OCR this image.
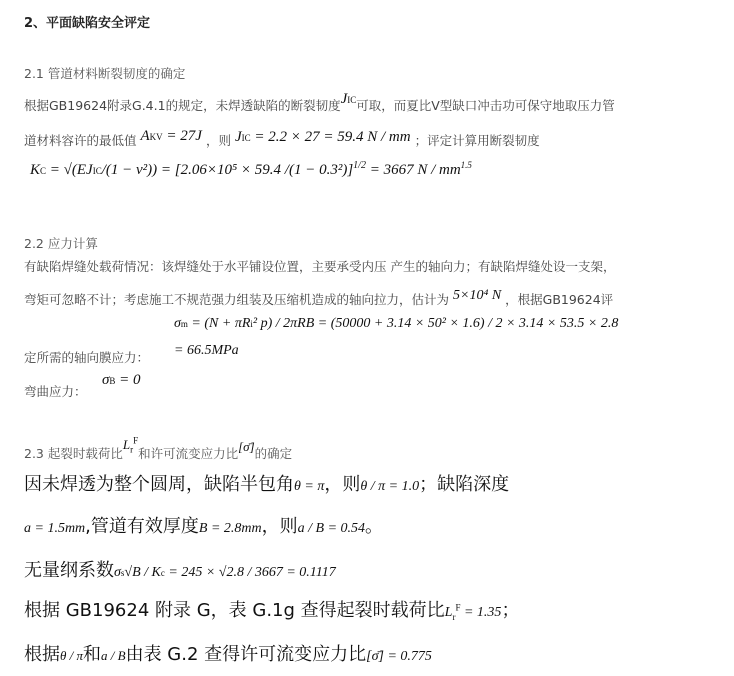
2、平面缺陷安全评定
2.1 管道材料断裂韧度的确定
根据GB19624附录G.4.1的规定，未焊透缺陷的断裂韧度JIC可取，而夏比V型缺口冲击功可保守地取压力管
道材料容许的最低值 AKV = 27J ，则 JIC = 2.2 × 27 = 59.4 N / mm ；评定计算用断裂韧度
KC = √(EJIC/(1 − ν²)) = [2.06×10⁵ × 59.4 /(1 − 0.3²)]$^{1/2}$ = 3667 N / $mm^{1.5}$
2.2 应力计算
有缺陷焊缝处载荷情况：该焊缝处于水平铺设位置，主要承受内压 产生的轴向力；有缺陷焊缝处设一支架，
弯矩可忽略不计；考虑施工不规范强力组装及压缩机造成的轴向拉力，估计为 5×10⁴ N ，根据GB19624评
σm = (N + πRi² p) / 2πRB = (50000 + 3.14 × 50² × 1.6) / 2 × 3.14 × 53.5 × 2.8
定所需的轴向膜应力： = 66.5MPa
弯曲应力：
σB = 0
2.3 起裂时载荷比$L_r^F$和许可流变应力比[σ̄]的确定
因未焊透为整个圆周，缺陷半包角θ = π，则θ / π = 1.0；缺陷深度
a = 1.5mm,管道有效厚度B = 2.8mm，则a / B = 0.54。
无量纲系数σs√B / Kc = 245 × √2.8 / 3667 = 0.1117
根据 GB19624 附录 G，表 G.1g 查得起裂时载荷比$L_r^F = 1.35$；
根据θ / π和a / B由表 G.2 查得许可流变应力比[σ̄] = 0.775
